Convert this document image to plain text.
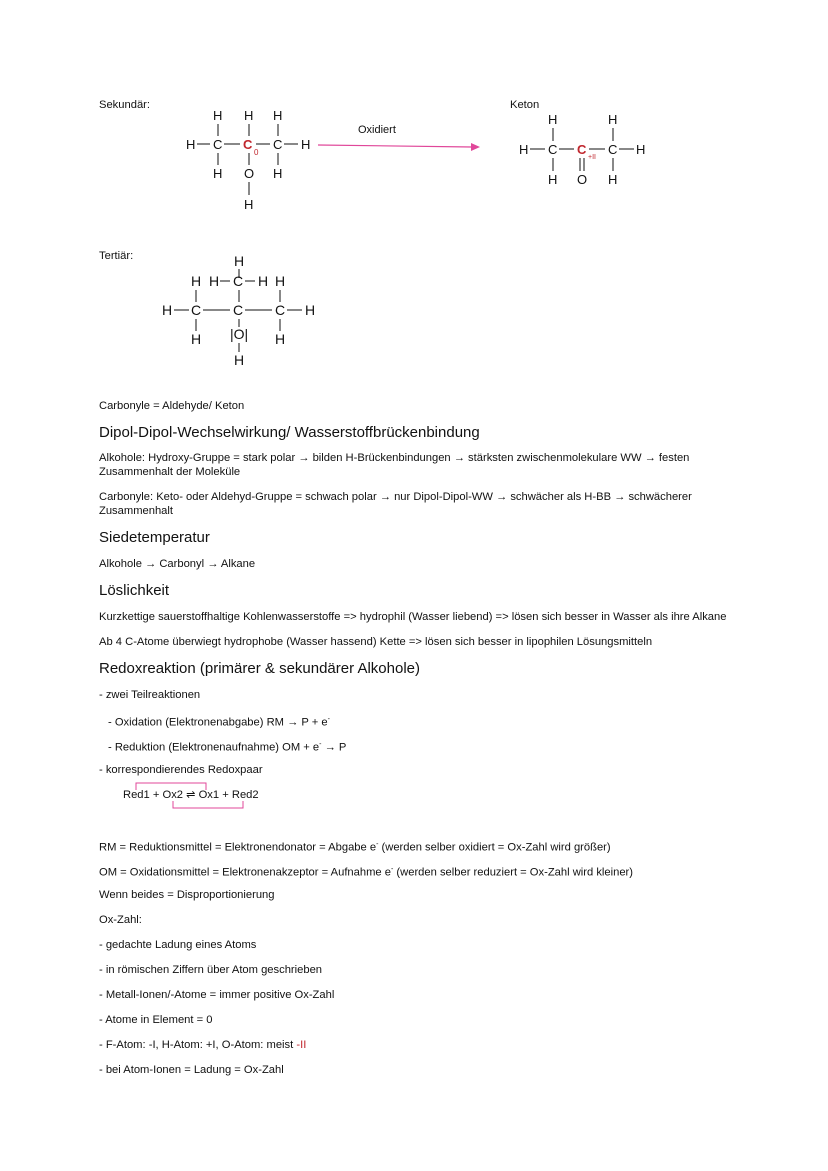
Sekundär:	Keton
H H H
H C C
0
C H
H O H
H
Oxidiert
H	H
H C C
+II
C H
H O H
H
H H C H H
H C C C H
H |O| H
H
Tertiär:
Carbonyle = Aldehyde/ Keton
Dipol-Dipol-Wechselwirkung/ Wasserstoffbrückenbindung
Alkohole: Hydroxy-Gruppe = stark polar → bilden H-Brückenbindungen → stärksten zwischenmolekulare WW → festen Zusammenhalt der Moleküle
Carbonyle: Keto- oder Aldehyd-Gruppe = schwach polar → nur Dipol-Dipol-WW → schwächer als H-BB → schwächerer Zusammenhalt
Siedetemperatur
Alkohole → Carbonyl → Alkane
Löslichkeit
Kurzkettige sauerstoffhaltige Kohlenwasserstoffe => hydrophil (Wasser liebend) => lösen sich besser in Wasser als ihre Alkane
Ab 4 C-Atome überwiegt hydrophobe (Wasser hassend) Kette => lösen sich besser in lipophilen Lösungsmitteln
Redoxreaktion (primärer & sekundärer Alkohole)
- zwei Teilreaktionen
- Oxidation (Elektronenabgabe) RM → P + e-
- Reduktion (Elektronenaufnahme) OM + e- → P
- korrespondierendes Redoxpaar
Red1 + Ox2 ⇌ Ox1 + Red2
RM = Reduktionsmittel = Elektronendonator = Abgabe e- (werden selber oxidiert = Ox-Zahl wird größer)
OM = Oxidationsmittel = Elektronenakzeptor = Aufnahme e- (werden selber reduziert = Ox-Zahl wird kleiner)
Wenn beides = Disproportionierung
Ox-Zahl:
- gedachte Ladung eines Atoms
- in römischen Ziffern über Atom geschrieben
- Metall-Ionen/-Atome = immer positive Ox-Zahl
- Atome in Element = 0
- F-Atom: -I, H-Atom: +I, O-Atom: meist -II
- bei Atom-Ionen = Ladung = Ox-Zahl
